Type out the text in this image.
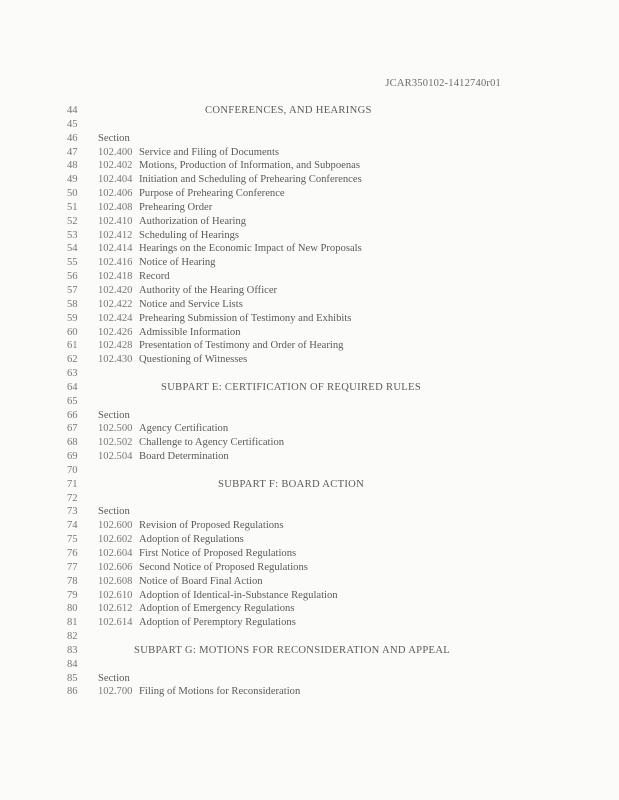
JCAR350102-1412740r01
44	CONFERENCES, AND HEARINGS
45
46 Section
47 102.400 Service and Filing of Documents
48 102.402 Motions, Production of Information, and Subpoenas
49 102.404 Initiation and Scheduling of Prehearing Conferences
50 102.406 Purpose of Prehearing Conference
51 102.408 Prehearing Order
52 102.410 Authorization of Hearing
53 102.412 Scheduling of Hearings
54 102.414 Hearings on the Economic Impact of New Proposals
55 102.416 Notice of Hearing
56 102.418 Record
57 102.420 Authority of the Hearing Officer
58 102.422 Notice and Service Lists
59 102.424 Prehearing Submission of Testimony and Exhibits
60 102.426 Admissible Information
61 102.428 Presentation of Testimony and Order of Hearing
62 102.430 Questioning of Witnesses
63
64	SUBPART E: CERTIFICATION OF REQUIRED RULES
65
66 Section
67 102.500 Agency Certification
68 102.502 Challenge to Agency Certification
69 102.504 Board Determination
70
71	SUBPART F: BOARD ACTION
72
73 Section
74 102.600 Revision of Proposed Regulations
75 102.602 Adoption of Regulations
76 102.604 First Notice of Proposed Regulations
77 102.606 Second Notice of Proposed Regulations
78 102.608 Notice of Board Final Action
79 102.610 Adoption of Identical-in-Substance Regulation
80 102.612 Adoption of Emergency Regulations
81 102.614 Adoption of Peremptory Regulations
82
83	SUBPART G: MOTIONS FOR RECONSIDERATION AND APPEAL
84
85 Section
86 102.700 Filing of Motions for Reconsideration
